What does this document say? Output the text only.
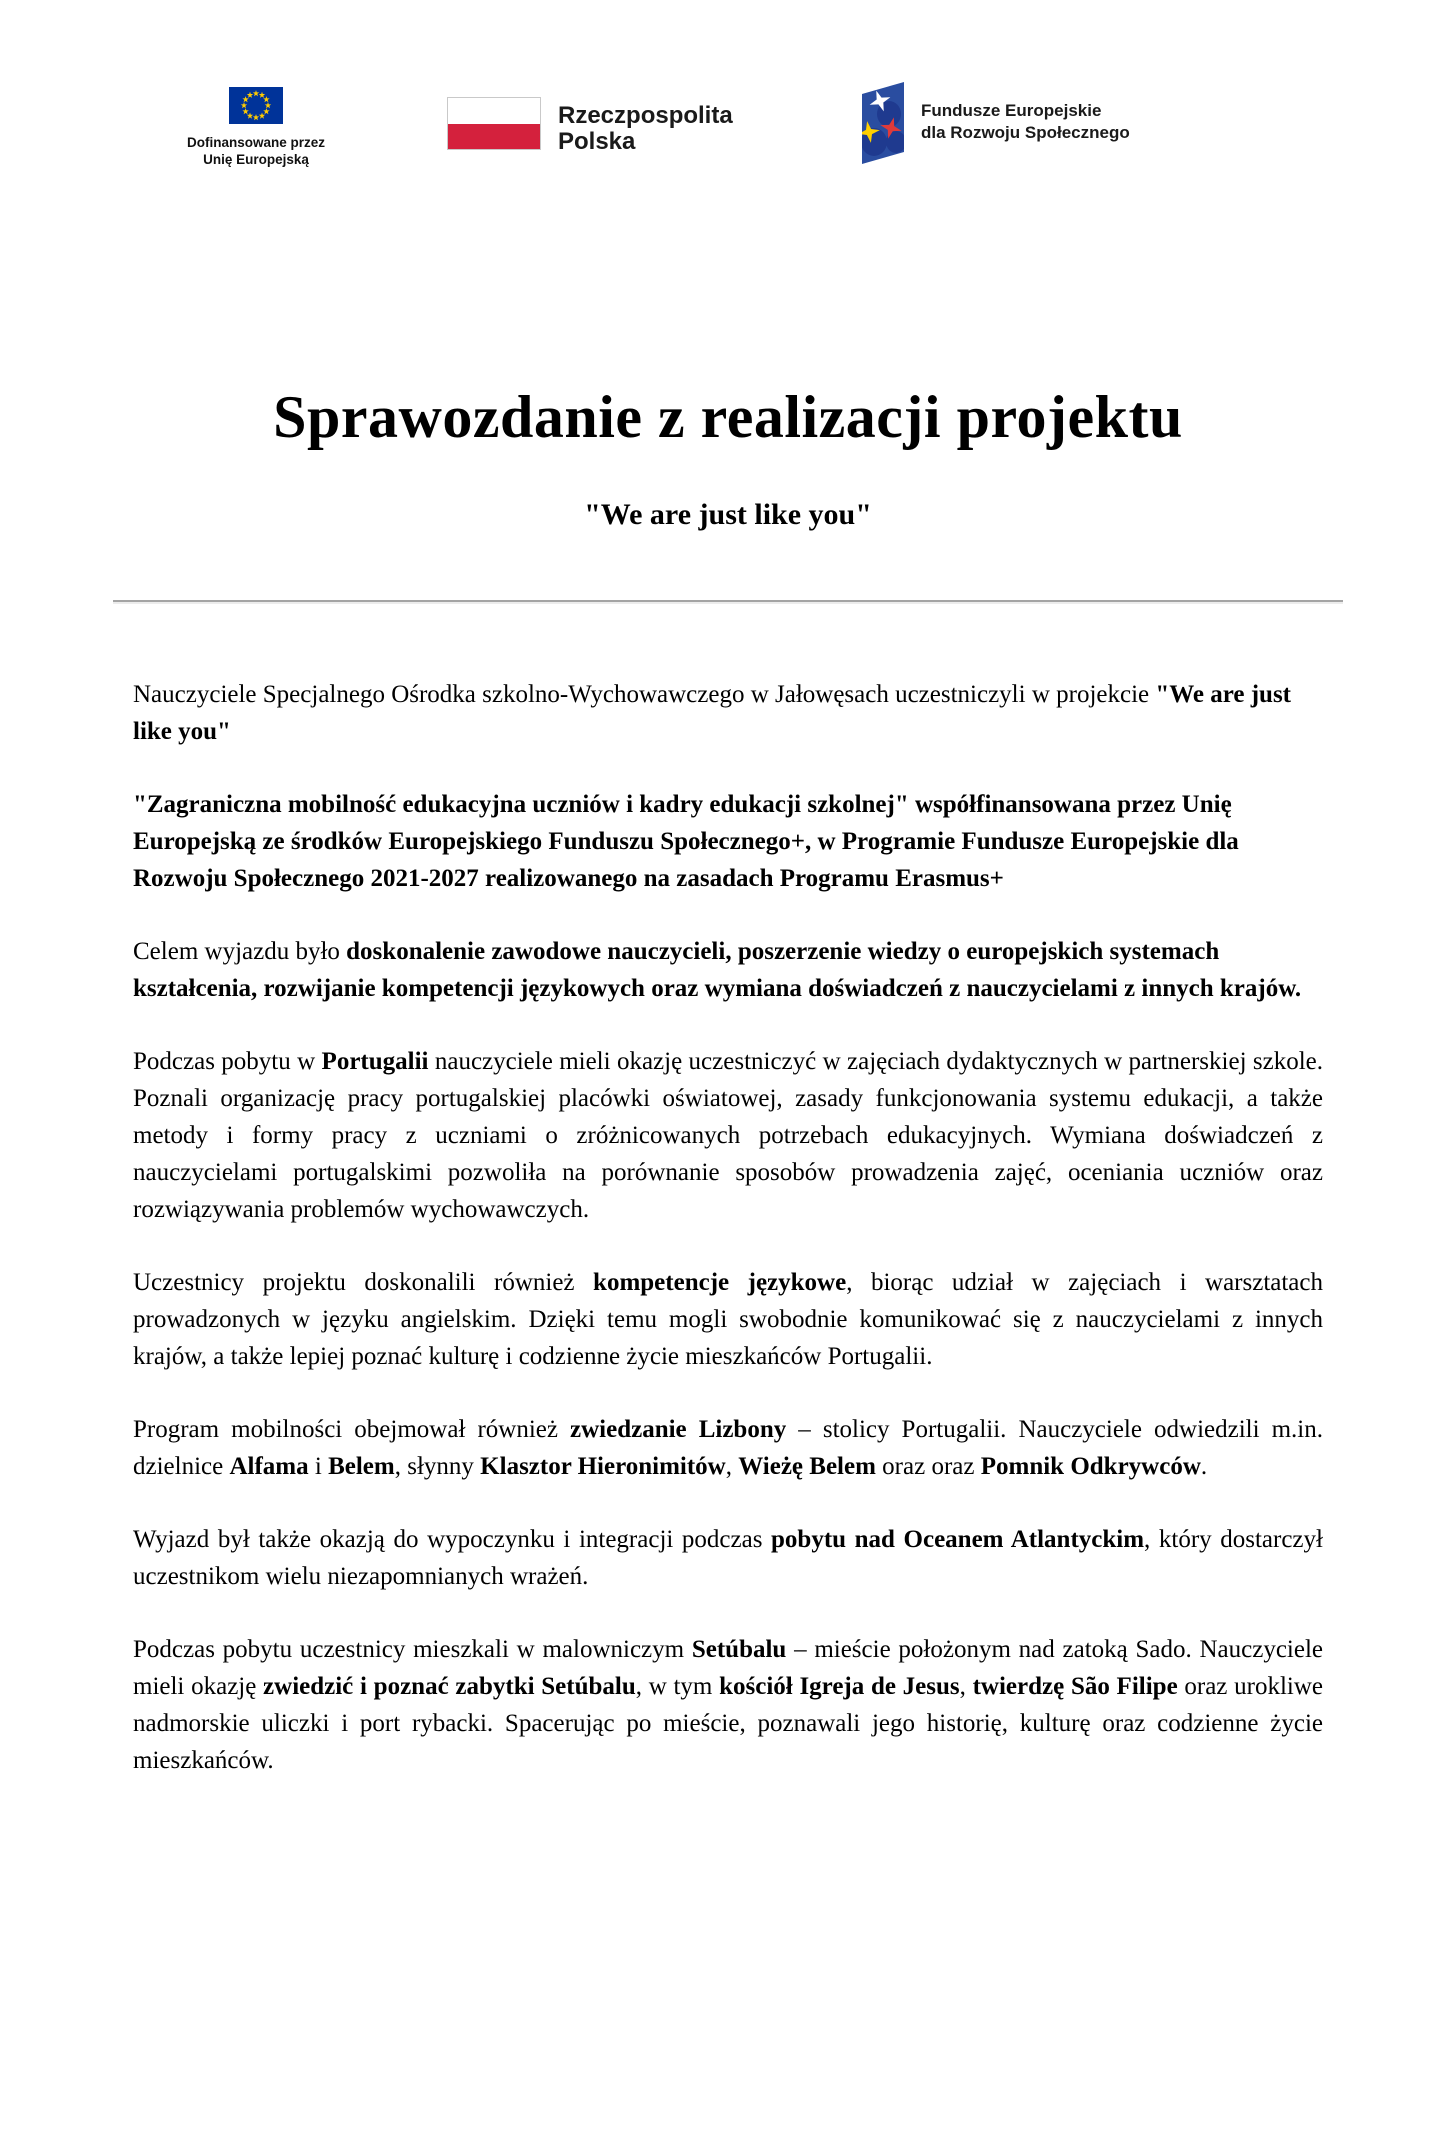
Dofinansowane przez
Unię Europejską
Rzeczpospolita
Polska
Fundusze Europejskie
dla Rozwoju Społecznego
Sprawozdanie z realizacji projektu
"We are just like you"

Nauczyciele Specjalnego Ośrodka szkolno-Wychowawczego w Jałowęsach uczestniczyli w projekcie "We are just like you"

"Zagraniczna mobilność edukacyjna uczniów i kadry edukacji szkolnej" współfinansowana przez Unię Europejską ze środków Europejskiego Funduszu Społecznego+, w Programie Fundusze Europejskie dla Rozwoju Społecznego 2021-2027 realizowanego na zasadach Programu Erasmus+

Celem wyjazdu było doskonalenie zawodowe nauczycieli, poszerzenie wiedzy o europejskich systemach kształcenia, rozwijanie kompetencji językowych oraz wymiana doświadczeń z nauczycielami z innych krajów.

Podczas pobytu w Portugalii nauczyciele mieli okazję uczestniczyć w zajęciach dydaktycznych w partnerskiej szkole. Poznali organizację pracy portugalskiej placówki oświatowej, zasady funkcjonowania systemu edukacji, a także metody i formy pracy z uczniami o zróżnicowanych potrzebach edukacyjnych. Wymiana doświadczeń z nauczycielami portugalskimi pozwoliła na porównanie sposobów prowadzenia zajęć, oceniania uczniów oraz rozwiązywania problemów wychowawczych.

Uczestnicy projektu doskonalili również kompetencje językowe, biorąc udział w zajęciach i warsztatach prowadzonych w języku angielskim. Dzięki temu mogli swobodnie komunikować się z nauczycielami z innych krajów, a także lepiej poznać kulturę i codzienne życie mieszkańców Portugalii.

Program mobilności obejmował również zwiedzanie Lizbony – stolicy Portugalii. Nauczyciele odwiedzili m.in. dzielnice Alfama i Belem, słynny Klasztor Hieronimitów, Wieżę Belem oraz oraz Pomnik Odkrywców.

Wyjazd był także okazją do wypoczynku i integracji podczas pobytu nad Oceanem Atlantyckim, który dostarczył uczestnikom wielu niezapomnianych wrażeń.

Podczas pobytu uczestnicy mieszkali w malowniczym Setúbalu – mieście położonym nad zatoką Sado. Nauczyciele mieli okazję zwiedzić i poznać zabytki Setúbalu, w tym kościół Igreja de Jesus, twierdzę São Filipe oraz urokliwe nadmorskie uliczki i port rybacki. Spacerując po mieście, poznawali jego historię, kulturę oraz codzienne życie mieszkańców.
